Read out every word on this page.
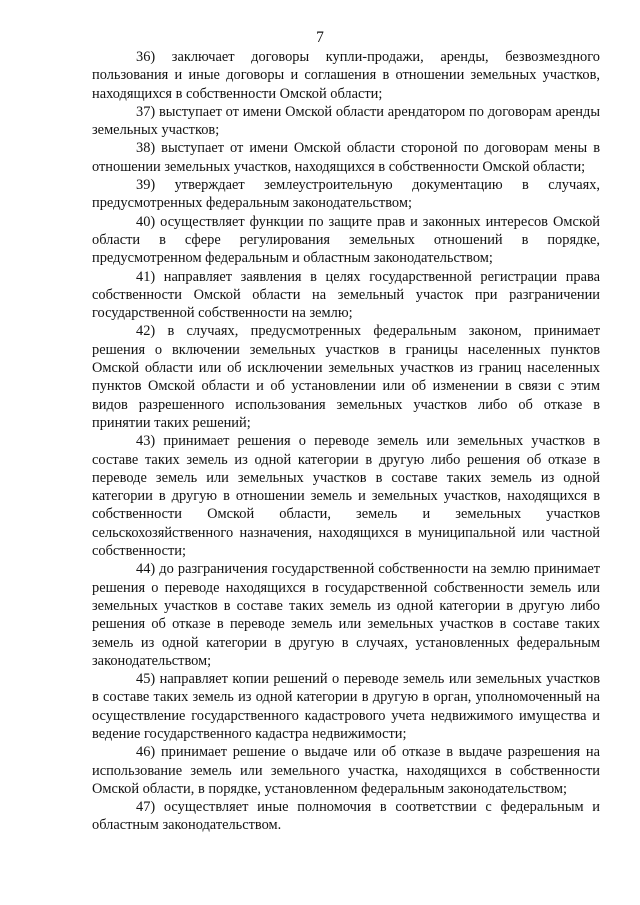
7

36) заключает договоры купли-продажи, аренды, безвозмездного пользования и иные договоры и соглашения в отношении земельных участков, находящихся в собственности Омской области;

37) выступает от имени Омской области арендатором по договорам аренды земельных участков;

38) выступает от имени Омской области стороной по договорам мены в отношении земельных участков, находящихся в собственности Омской области;

39) утверждает землеустроительную документацию в случаях, предусмотренных федеральным законодательством;

40) осуществляет функции по защите прав и законных интересов Омской области в сфере регулирования земельных отношений в порядке, предусмотренном федеральным и областным законодательством;

41) направляет заявления в целях государственной регистрации права собственности Омской области на земельный участок при разграничении государственной собственности на землю;

42) в случаях, предусмотренных федеральным законом, принимает решения о включении земельных участков в границы населенных пунктов Омской области или об исключении земельных участков из границ населенных пунктов Омской области и об установлении или об изменении в связи с этим видов разрешенного использования земельных участков либо об отказе в принятии таких решений;

43) принимает решения о переводе земель или земельных участков в составе таких земель из одной категории в другую либо решения об отказе в переводе земель или земельных участков в составе таких земель из одной категории в другую в отношении земель и земельных участков, находящихся в собственности Омской области, земель и земельных участков сельскохозяйственного назначения, находящихся в муниципальной или частной собственности;

44) до разграничения государственной собственности на землю принимает решения о переводе находящихся в государственной собственности земель или земельных участков в составе таких земель из одной категории в другую либо решения об отказе в переводе земель или земельных участков в составе таких земель из одной категории в другую в случаях, установленных федеральным законодательством;

45) направляет копии решений о переводе земель или земельных участков в составе таких земель из одной категории в другую в орган, уполномоченный на осуществление государственного кадастрового учета недвижимого имущества и ведение государственного кадастра недвижимости;

46) принимает решение о выдаче или об отказе в выдаче разрешения на использование земель или земельного участка, находящихся в собственности Омской области, в порядке, установленном федеральным законодательством;

47) осуществляет иные полномочия в соответствии с федеральным и областным законодательством.
